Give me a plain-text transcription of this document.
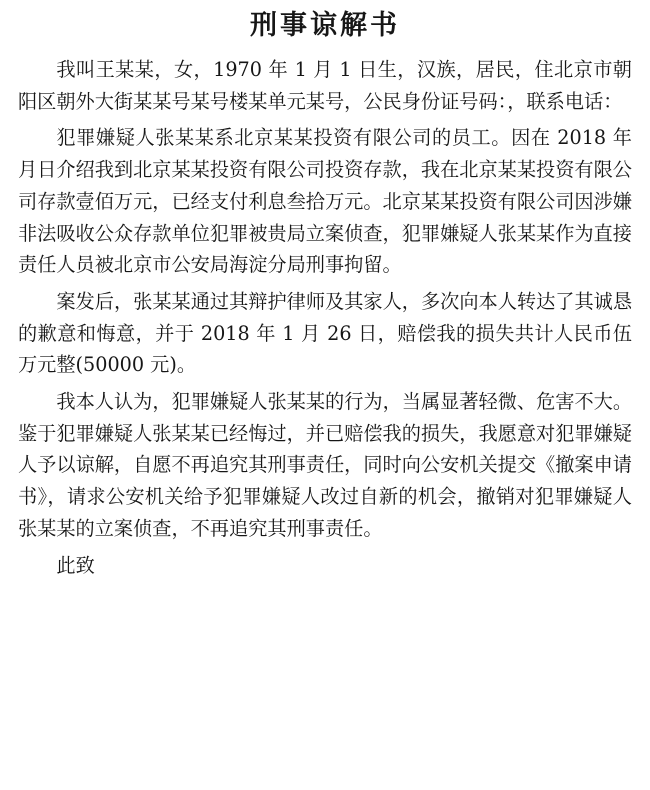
刑事谅解书

我叫王某某，女，1970 年 1 月 1 日生，汉族，居民，住北京市朝阳区朝外大街某某号某号楼某单元某号，公民身份证号码：，联系电话：

犯罪嫌疑人张某某系北京某某投资有限公司的员工。因在 2018 年月日介绍我到北京某某投资有限公司投资存款，我在北京某某投资有限公司存款壹佰万元，已经支付利息叁拾万元。北京某某投资有限公司因涉嫌非法吸收公众存款单位犯罪被贵局立案侦查，犯罪嫌疑人张某某作为直接责任人员被北京市公安局海淀分局刑事拘留。

案发后，张某某通过其辩护律师及其家人，多次向本人转达了其诚恳的歉意和悔意，并于 2018 年 1 月 26 日，赔偿我的损失共计人民币伍万元整(50000 元)。

我本人认为，犯罪嫌疑人张某某的行为，当属显著轻微、危害不大。鉴于犯罪嫌疑人张某某已经悔过，并已赔偿我的损失，我愿意对犯罪嫌疑人予以谅解，自愿不再追究其刑事责任，同时向公安机关提交《撤案申请书》，请求公安机关给予犯罪嫌疑人改过自新的机会，撤销对犯罪嫌疑人张某某的立案侦查，不再追究其刑事责任。

此致
